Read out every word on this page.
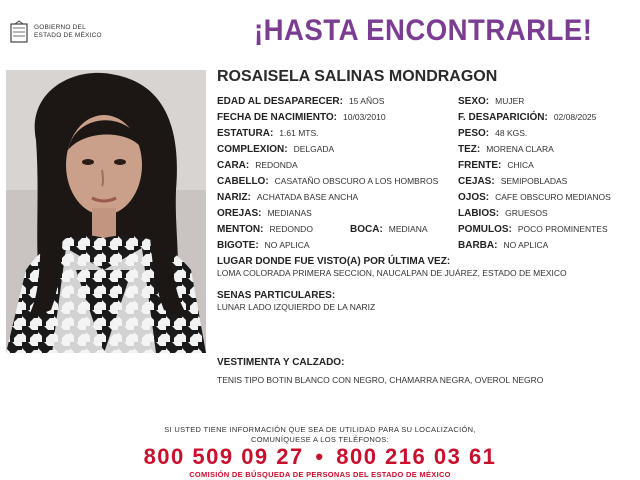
GOBIERNO DEL
ESTADO DE MÉXICO	¡HASTA ENCONTRARLE!
ROSAISELA SALINAS MONDRAGON
EDAD AL DESAPARECER: 15 AÑOS
FECHA DE NACIMIENTO: 10/03/2010
ESTATURA: 1.61 MTS.
COMPLEXION: DELGADA
CARA: REDONDA
CABELLO: CASATAÑO OBSCURO A LOS HOMBROS
NARIZ: ACHATADA BASE ANCHA
OREJAS: MEDIANAS
MENTON: REDONDO	BOCA: MEDIANA
BIGOTE: NO APLICA
SEXO: MUJER
F. DESAPARICIÓN: 02/08/2025
PESO: 48 KGS.
TEZ: MORENA CLARA
FRENTE: CHICA
CEJAS: SEMIPOBLADAS
OJOS: CAFE OBSCURO MEDIANOS
LABIOS: GRUESOS
POMULOS: POCO PROMINENTES
BARBA: NO APLICA
LUGAR DONDE FUE VISTO(A) POR ÚLTIMA VEZ:
LOMA COLORADA PRIMERA SECCION, NAUCALPAN DE JUÁREZ, ESTADO DE MEXICO
SENAS PARTICULARES:
LUNAR LADO IZQUIERDO DE LA NARIZ
VESTIMENTA Y CALZADO:
TENIS TIPO BOTIN BLANCO CON NEGRO, CHAMARRA NEGRA, OVEROL NEGRO
SI USTED TIENE INFORMACIÓN QUE SEA DE UTILIDAD PARA SU LOCALIZACIÓN,
COMUNÍQUESE A LOS TELÉFONOS:
800 509 09 27 • 800 216 03 61
COMISIÓN DE BÚSQUEDA DE PERSONAS DEL ESTADO DE MÉXICO
